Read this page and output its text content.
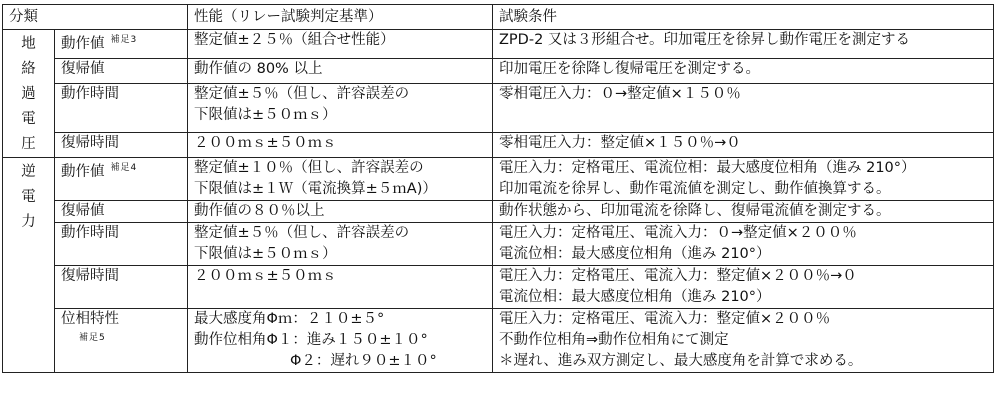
分類		性能（リレー試験判定基準）	試験条件

地
絡
過
電
圧	動作値 $^{補足3}$	整定値±２５％（組合せ性能）	ZPD-2 又は３形組合せ。印加電圧を徐昇し動作電圧を測定する

	復帰値	動作値の 80% 以上	印加電圧を徐降し復帰電圧を測定する。

	動作時間	整定値±５％（但し、許容誤差の
下限値は±５０ｍｓ）	零相電圧入力：０→整定値×１５０％

	復帰時間	２００ｍｓ±５０ｍｓ	零相電圧入力：整定値×１５０％→０

逆
電
力	動作値 $^{補足4}$	整定値±１０％（但し、許容誤差の
下限値は±１Ｗ（電流換算±５ｍA)）	電圧入力：定格電圧、電流位相：最大感度位相角（進み 210°）
印加電流を徐昇し、動作電流値を測定し、動作値換算する。

	復帰値	動作値の８０％以上	動作状態から、印加電流を徐降し、復帰電流値を測定する。

	動作時間	整定値±５％（但し、許容誤差の
下限値は±５０ｍｓ）	電圧入力：定格電圧、電流入力：０→整定値×２００％
電流位相：最大感度位相角（進み 210°）

	復帰時間	２００ｍｓ±５０ｍｓ	電圧入力：定格電圧、電流入力：整定値×２００％→０
電流位相：最大感度位相角（進み 210°）

	位相特性
補足5	最大感度角Φｍ：２１０±５°
動作位相角Φ１：進み１５０±１０°
Φ２：遅れ９０±１０°	電圧入力：定格電圧、電流入力：整定値×２００％
不動作位相角⇒動作位相角にて測定
＊遅れ、進み双方測定し、最大感度角を計算で求める。
